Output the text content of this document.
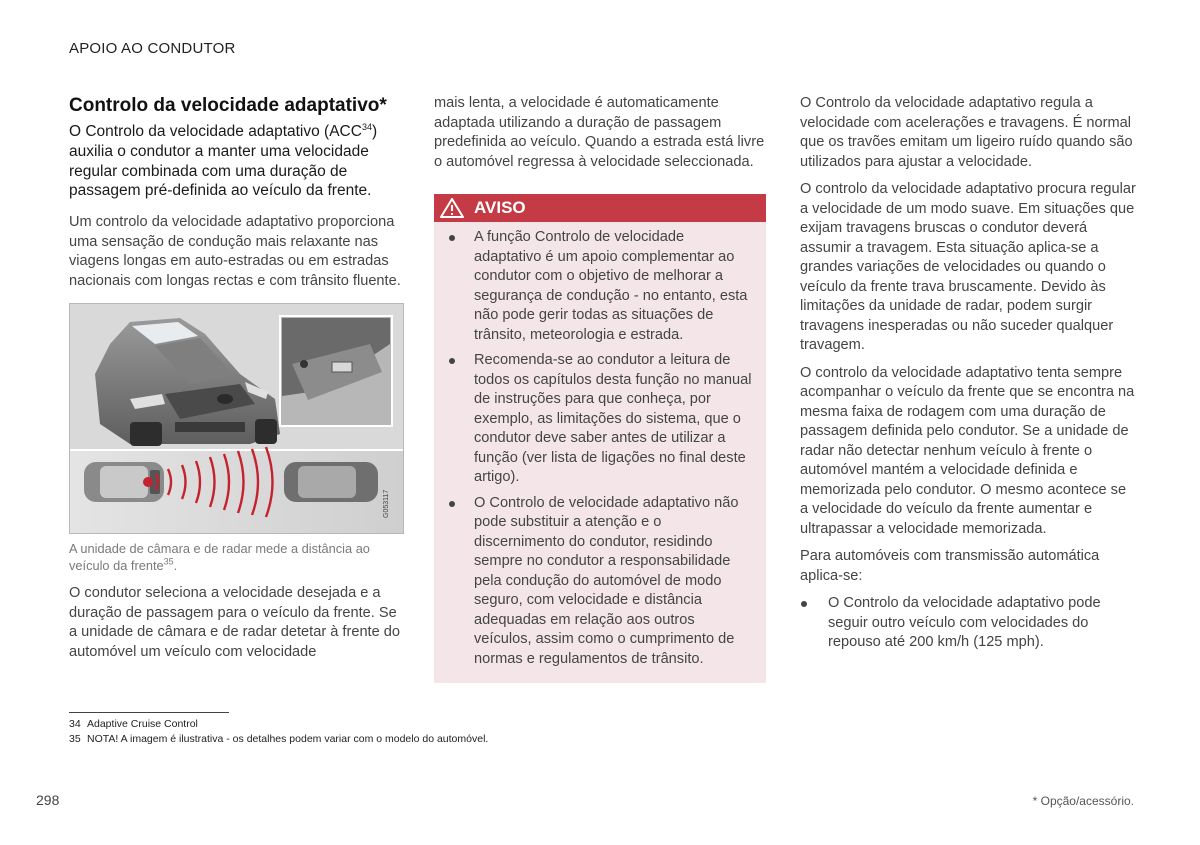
APOIO AO CONDUTOR
Controlo da velocidade adaptativo*
O Controlo da velocidade adaptativo (ACC$^{34}$) auxilia o condutor a manter uma velocidade regular combinada com uma duração de passagem pré-definida ao veículo da frente.

Um controlo da velocidade adaptativo proporciona uma sensação de condução mais relaxante nas viagens longas em auto-estradas ou em estradas nacionais com longas rectas e com trânsito fluente.

G053117
A unidade de câmara e de radar mede a distância ao veículo da frente$^{35}$.

O condutor seleciona a velocidade desejada e a duração de passagem para o veículo da frente. Se a unidade de câmara e de radar detetar à frente do automóvel um veículo com velocidade

mais lenta, a velocidade é automaticamente adaptada utilizando a duração de passagem predefinida ao veículo. Quando a estrada está livre o automóvel regressa à velocidade seleccionada.

AVISO
A função Controlo de velocidade adaptativo é um apoio complementar ao condutor com o objetivo de melhorar a segurança de condução - no entanto, esta não pode gerir todas as situações de trânsito, meteorologia e estrada.
Recomenda-se ao condutor a leitura de todos os capítulos desta função no manual de instruções para que conheça, por exemplo, as limitações do sistema, que o condutor deve saber antes de utilizar a função (ver lista de ligações no final deste artigo).
O Controlo de velocidade adaptativo não pode substituir a atenção e o discernimento do condutor, residindo sempre no condutor a responsabilidade pela condução do automóvel de modo seguro, com velocidade e distância adequadas em relação aos outros veículos, assim como o cumprimento de normas e regulamentos de trânsito.

O Controlo da velocidade adaptativo regula a velocidade com acelerações e travagens. É normal que os travões emitam um ligeiro ruído quando são utilizados para ajustar a velocidade.

O controlo da velocidade adaptativo procura regular a velocidade de um modo suave. Em situações que exijam travagens bruscas o condutor deverá assumir a travagem. Esta situação aplica-se a grandes variações de velocidades ou quando o veículo da frente trava bruscamente. Devido às limitações da unidade de radar, podem surgir travagens inesperadas ou não suceder qualquer travagem.

O controlo da velocidade adaptativo tenta sempre acompanhar o veículo da frente que se encontra na mesma faixa de rodagem com uma duração de passagem definida pelo condutor. Se a unidade de radar não detectar nenhum veículo à frente o automóvel mantém a velocidade definida e memorizada pelo condutor. O mesmo acontece se a velocidade do veículo da frente aumentar e ultrapassar a velocidade memorizada.

Para automóveis com transmissão automática aplica-se:

O Controlo da velocidade adaptativo pode seguir outro veículo com velocidades do repouso até 200 km/h (125 mph).
34 Adaptive Cruise Control
35 NOTA! A imagem é ilustrativa - os detalhes podem variar com o modelo do automóvel.
298	* Opção/acessório.
